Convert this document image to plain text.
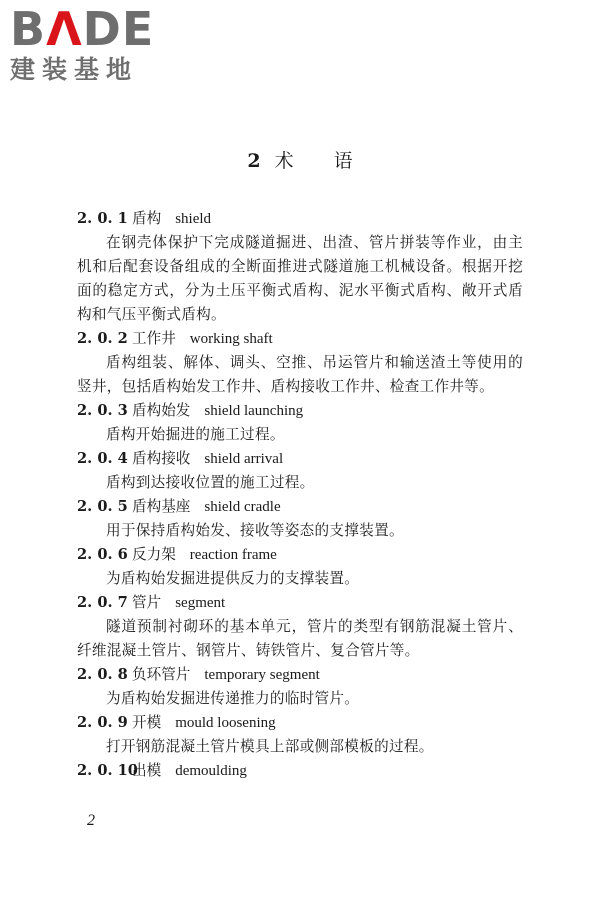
BΛDE
建装基地
2 术 语
2. 0. 1 盾构 shield
在钢壳体保护下完成隧道掘进、出渣、管片拼装等作业，由主机和后配套设备组成的全断面推进式隧道施工机械设备。根据开挖面的稳定方式，分为土压平衡式盾构、泥水平衡式盾构、敞开式盾构和气压平衡式盾构。
2. 0. 2 工作井 working shaft
盾构组装、解体、调头、空推、吊运管片和输送渣土等使用的竖井，包括盾构始发工作井、盾构接收工作井、检查工作井等。
2. 0. 3 盾构始发 shield launching
盾构开始掘进的施工过程。
2. 0. 4 盾构接收 shield arrival
盾构到达接收位置的施工过程。
2. 0. 5 盾构基座 shield cradle
用于保持盾构始发、接收等姿态的支撑装置。
2. 0. 6 反力架 reaction frame
为盾构始发掘进提供反力的支撑装置。
2. 0. 7 管片 segment
隧道预制衬砌环的基本单元，管片的类型有钢筋混凝土管片、纤维混凝土管片、钢管片、铸铁管片、复合管片等。
2. 0. 8 负环管片 temporary segment
为盾构始发掘进传递推力的临时管片。
2. 0. 9 开模 mould loosening
打开钢筋混凝土管片模具上部或侧部模板的过程。
2. 0. 10出模 demoulding
2
